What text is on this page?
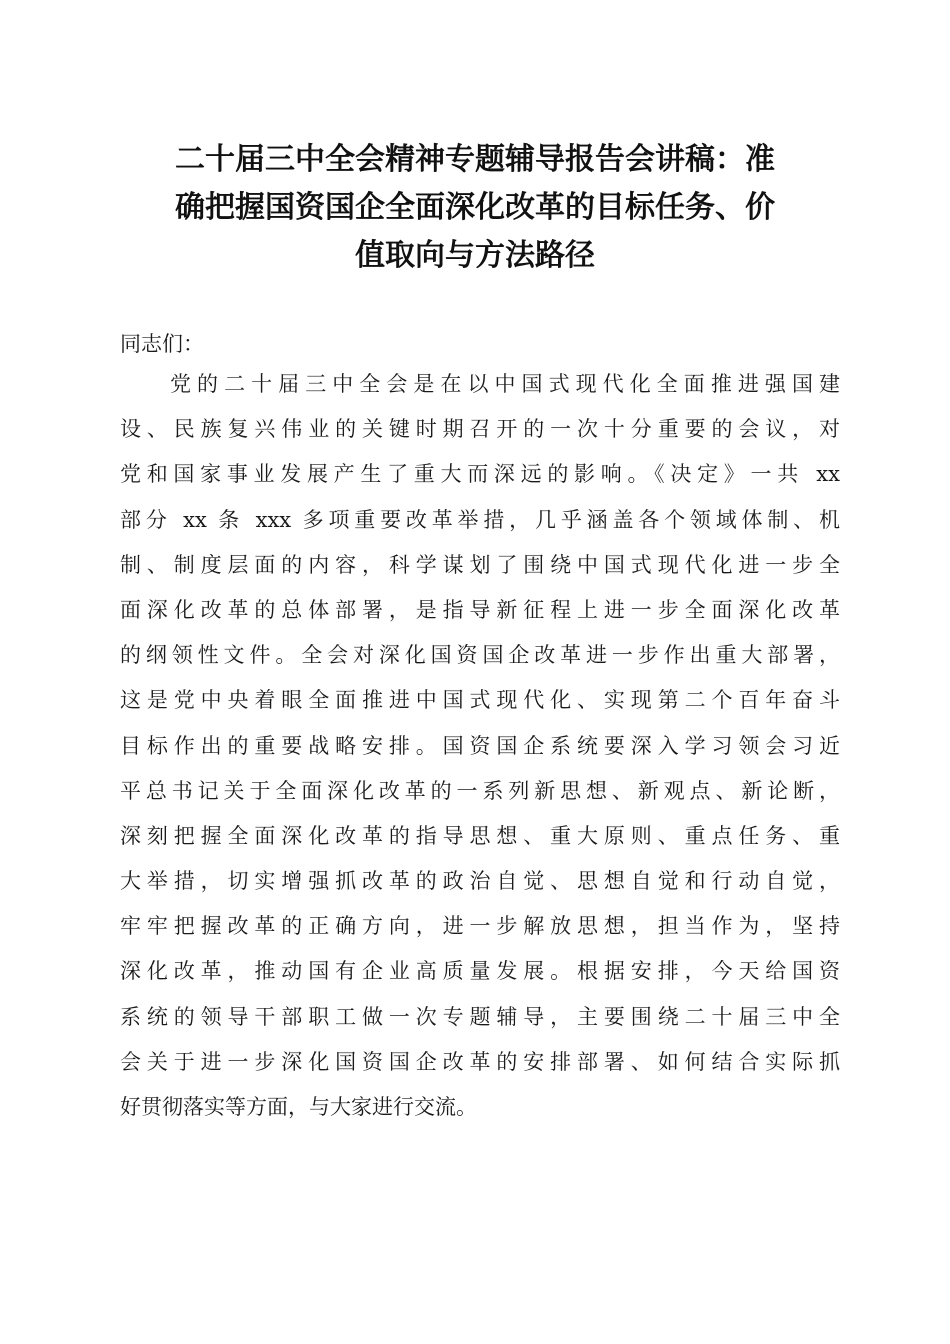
二十届三中全会精神专题辅导报告会讲稿：准
确把握国资国企全面深化改革的目标任务、价
值取向与方法路径

同志们：

党的二十届三中全会是在以中国式现代化全面推进强国建
设、民族复兴伟业的关键时期召开的一次十分重要的会议，对
党和国家事业发展产生了重大而深远的影响。《决定》一共 xx
部分 xx 条 xxx 多项重要改革举措，几乎涵盖各个领域体制、机
制、制度层面的内容，科学谋划了围绕中国式现代化进一步全
面深化改革的总体部署，是指导新征程上进一步全面深化改革
的纲领性文件。全会对深化国资国企改革进一步作出重大部署，
这是党中央着眼全面推进中国式现代化、实现第二个百年奋斗
目标作出的重要战略安排。国资国企系统要深入学习领会习近
平总书记关于全面深化改革的一系列新思想、新观点、新论断，
深刻把握全面深化改革的指导思想、重大原则、重点任务、重
大举措，切实增强抓改革的政治自觉、思想自觉和行动自觉，
牢牢把握改革的正确方向，进一步解放思想，担当作为，坚持
深化改革，推动国有企业高质量发展。根据安排，今天给国资
系统的领导干部职工做一次专题辅导，主要围绕二十届三中全
会关于进一步深化国资国企改革的安排部署、如何结合实际抓
好贯彻落实等方面，与大家进行交流。
